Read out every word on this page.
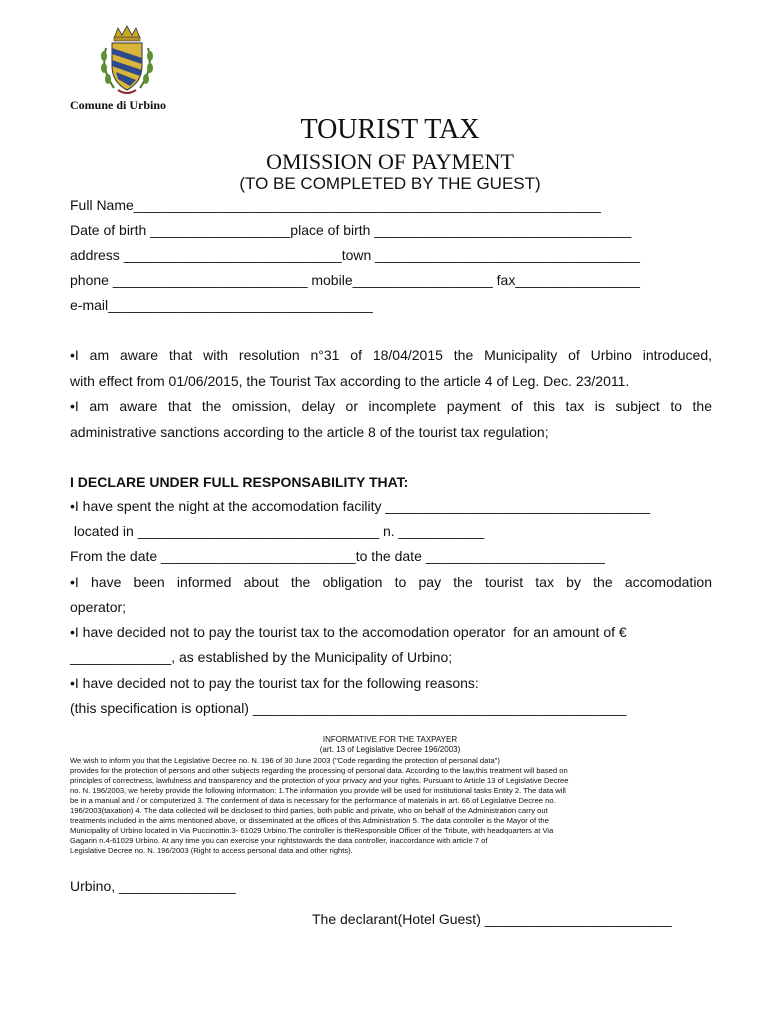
Comune di Urbino
TOURIST TAX
OMISSION OF PAYMENT
(TO BE COMPLETED BY THE GUEST)
Full Name____________________________________________________________
Date of birth __________________place of birth _________________________________
address ____________________________town __________________________________
phone _________________________ mobile__________________ fax________________
e-mail__________________________________
•I am aware that with resolution n°31 of 18/04/2015 the Municipality of Urbino introduced,
with effect from 01/06/2015, the Tourist Tax according to the article 4 of Leg. Dec. 23/2011.
•I am aware that the omission, delay or incomplete payment of this tax is subject to the
administrative sanctions according to the article 8 of the tourist tax regulation;
I DECLARE UNDER FULL RESPONSABILITY THAT:
•I have spent the night at the accomodation facility __________________________________
located in _______________________________ n. ___________
From the date _________________________to the date _______________________
•I have been informed about the obligation to pay the tourist tax by the accomodation
operator;
•I have decided not to pay the tourist tax to the accomodation operator  for an amount of €
_____________, as established by the Municipality of Urbino;
•I have decided not to pay the tourist tax for the following reasons:
(this specification is optional) ________________________________________________
INFORMATIVE FOR THE TAXPAYER
(art. 13 of Legislative Decree 196/2003)
We wish to inform you that the Legislative Decree no. N. 196 of 30 June 2003 ("Code regarding the protection of personal data")
provides for the protection of persons and other subjects regarding the processing of personal data. According to the law,this treatment will based on
principles of correctness, lawfulness and transparency and the protection of your privacy and your rights. Pursuant to Article 13 of Legislative Decree
no. N. 196/2003, we hereby provide the following information: 1.The information you provide will be used for institutional tasks Entity 2. The data will
be in a manual and / or computerized 3. The conferment of data is necessary for the performance of materials in art. 66 of Legislative Decree no.
196/2003(taxation) 4. The data collected will be disclosed to third parties, both public and private, who on behalf of the Administration carry out
treatments included in the aims mentioned above, or disseminated at the offices of this Administration 5. The data controller is the Mayor of the
Municipality of Urbino located in Via Puccinottin.3- 61029 Urbino.The controller is theResponsible Officer of the Tribute, with headquarters at Via
Gagarin n.4-61029 Urbino. At any time you can exercise your rightstowards the data controller, inaccordance with article 7 of
Legislative Decree no. N. 196/2003 (Right to access personal data and other rights).
Urbino, _______________
The declarant(Hotel Guest) ________________________
